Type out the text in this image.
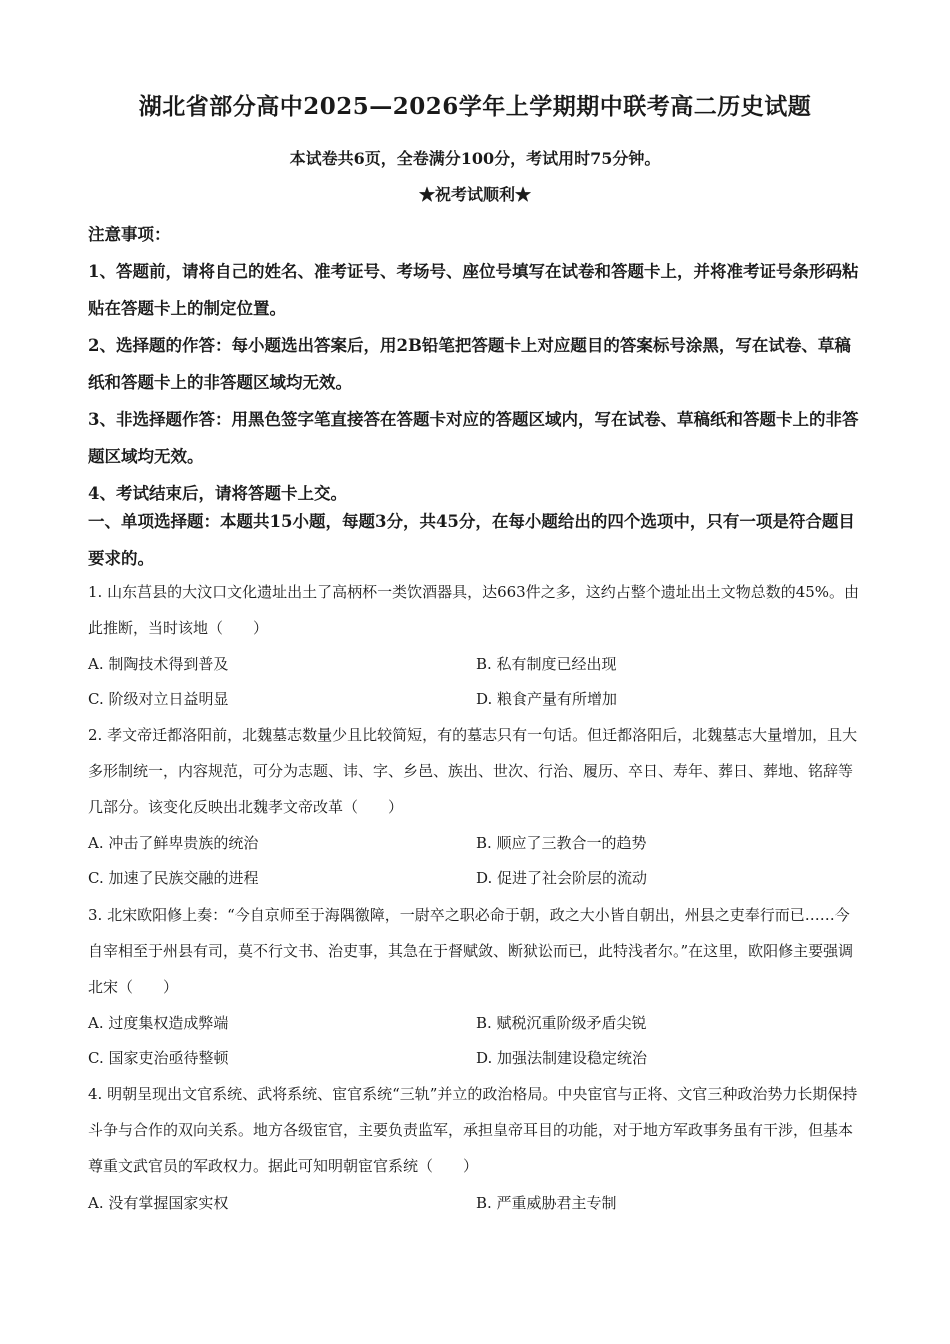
湖北省部分高中2025—2026学年上学期期中联考高二历史试题
本试卷共6页，全卷满分100分，考试用时75分钟。
★祝考试顺利★

注意事项：

1、答题前，请将自己的姓名、准考证号、考场号、座位号填写在试卷和答题卡上，并将准考证号条形码粘贴在答题卡上的制定位置。

2、选择题的作答：每小题选出答案后，用2B铅笔把答题卡上对应题目的答案标号涂黑，写在试卷、草稿纸和答题卡上的非答题区域均无效。

3、非选择题作答：用黑色签字笔直接答在答题卡对应的答题区域内，写在试卷、草稿纸和答题卡上的非答题区域均无效。

4、考试结束后，请将答题卡上交。

一、单项选择题：本题共15小题，每题3分，共45分，在每小题给出的四个选项中，只有一项是符合题目要求的。

1. 山东莒县的大汶口文化遗址出土了高柄杯一类饮酒器具，达663件之多，这约占整个遗址出土文物总数的45%。由此推断，当时该地（　　）

A. 制陶技术得到普及	B. 私有制度已经出现
C. 阶级对立日益明显	D. 粮食产量有所增加

2. 孝文帝迁都洛阳前，北魏墓志数量少且比较简短，有的墓志只有一句话。但迁都洛阳后，北魏墓志大量增加，且大多形制统一，内容规范，可分为志题、讳、字、乡邑、族出、世次、行治、履历、卒日、寿年、葬日、葬地、铭辞等几部分。该变化反映出北魏孝文帝改革（　　）

A. 冲击了鲜卑贵族的统治	B. 顺应了三教合一的趋势
C. 加速了民族交融的进程	D. 促进了社会阶层的流动

3. 北宋欧阳修上奏：“今自京师至于海隅徼障，一尉卒之职必命于朝，政之大小皆自朝出，州县之吏奉行而已……今自宰相至于州县有司，莫不行文书、治吏事，其急在于督赋敛、断狱讼而已，此特浅者尔。”在这里，欧阳修主要强调北宋（　　）

A. 过度集权造成弊端	B. 赋税沉重阶级矛盾尖锐
C. 国家吏治亟待整顿	D. 加强法制建设稳定统治

4. 明朝呈现出文官系统、武将系统、宦官系统“三轨”并立的政治格局。中央宦官与正将、文官三种政治势力长期保持斗争与合作的双向关系。地方各级宦官，主要负责监军，承担皇帝耳目的功能，对于地方军政事务虽有干涉，但基本尊重文武官员的军政权力。据此可知明朝宦官系统（　　）

A. 没有掌握国家实权	B. 严重威胁君主专制
